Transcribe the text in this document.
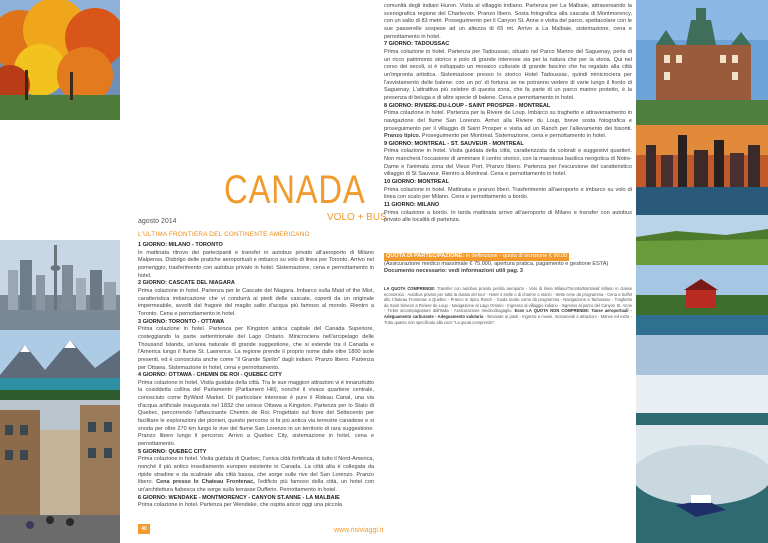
CANADA
agosto 2014	VOLO + BUS
L'ULTIMA FRONTIERA DEL CONTINENTE AMERICANO

1 GIORNO: MILANO - TORONTO

In mattinata ritrovo dei partecipanti e transfer in autobus privato all'aeroporto di Milano Malpensa. Disbrigo delle pratiche aeroportuali e imbarco su volo di linea per Toronto. Arrivo nel pomeriggio, trasferimento con autobus privato in hotel. Sistemazione, cena e pernottamento in hotel.

2 GIORNO: CASCATE DEL NIAGARA

Prima colazione in hotel. Partenza per le Cascate del Niagara. Imbarco sulla Maid of the Mist, caratteristica imbarcazione che vi condurrà ai piedi delle cascate, coperti da un originale impermeabile, avvolti dal fragore del maglio salto d'acqua più famoso al mondo. Rientro a Toronto. Cena e pernottamento in hotel.

3 GIORNO: TORONTO - OTTAWA

Prima colazione in hotel. Partenza per Kingston antica capitale del Canada Superiore, costeggiando la parte settentrionale del Lago Ontario. Minicrociera nell'arcipelago delle Thousand Islands, un'area naturale di grande suggestione, che si estende tra il Canada e l'America lungo il fiume St. Lawrence. La regione prende il proprio nome dalle oltre 1800 isole presenti, ed è conosciuta anche come "il Grande Spirito" dagli indiani. Pranzo libero. Partenza per Ottawa. Sistemazione in hotel, cena e pernottamento.

4 GIORNO: OTTAWA - CHEMIN DE ROI - QUEBEC CITY

Prima colazione in hotel. Visita guidata della città. Tra le sue maggiori attrazioni vi è innanzitutto la cosiddetta collina del Parlamento (Parliament Hill), nonché il vivace quartiere centrale, conosciuto come ByWard Market. Di particolare interesse è pure il Rideau Canal, una via d'acqua artificiale inaugurata nel 1832 che unisce Ottawa a Kingston. Partenza per lo Stato di Quebec, percorrendo l'affascinante Chemin de Roi. Progettato sul finire del Settecento per facilitare le esplorazioni dei pionieri, questo percorso si fa più antica via terrestre canadese e si snoda per oltre 270 km lungo le rive del fiume San Lorenzo in un territorio di rara suggestione. Pranzo libero lungo il percorso. Arrivo a Quebec City, sistemazione in hotel, cena e pernottamento.

5 GIORNO: QUEBEC CITY

Prima colazione in hotel. Visita guidata di Quebec, l'unica città fortificata di tutto il Nord-America, nonché il più antico insediamento europeo esistente in Canada. La città alta è collegata da ripide stradine e da scalinate alla città bassa, che sorge sulle rive del San Lorenzo. Pranzo libero. Cena presso lo Chateau Frontenac, l'edificio più famoso della città, un hotel con un'architettura fiabesca che sorge sulla terrasse Dufferin. Pernottamento in hotel.

6 GIORNO: WENDAKE - MONTMORENCY - CANYON ST.ANNE - LA MALBAIE

Prima colazione in hotel. Partenza per Wendake, che ospita ancor oggi una piccola

comunità degli indiani Huron. Visita al villaggio indiano. Partenza per La Malbaie, attraversando la scenografica regione del Charlevoix. Pranzo libero. Sosta fotografica alla cascata di Montmorency, con un salto di 83 metri. Proseguimento per il Canyon St. Anne e visita del parco, spettacolare con le sue passerelle sospese ad un altezza di 65 mt. Arrivo a La Malbaie, sistemazione, cena e pernottamento in hotel.

7 GIORNO: TADOUSSAC

Prima colazione in hotel. Partenza per Tadoussac, situato nel Parco Marino del Saguenay, perla di un ricco patrimonio storico e polo di grande interesse sia per la natura che per la storia. Qui nel corso dei secoli, si è sviluppato un mosaico culturale di grande fascino che ha regalato alla città un'impronta artistica. Sistemazione presso lo storico Hotel Tadoussac, quindi minicrociera per l'avvistamento delle balene: con un po' di fortuna se ne potranno vedere di varie lungo il fiordo di Saguenay. L'attrattiva più celebre di questa zona, che fa parte di un parco marino protetto, è la presenza di beluga e di altre specie di balene. Cena e pernottamento in hotel.

8 GIORNO: RIVIERE-DU-LOUP - SAINT PROSPER - MONTREAL

Prima colazione in hotel. Partenza per la Rivere de Loup. Imbarco su traghetto e attraversamento in navigazione del fiume San Lorenzo. Arrivo alla Riviere du Loup, breve sosta fotografica e proseguimento per il villaggio di Saint Prosper e visita ad un Ranch per l'allevamento dei bisonti. Pranzo tipico. Proseguimento per Montreal. Sistemazione, cena e pernottamento in hotel.

9 GIORNO: MONTREAL - ST. SAUVEUR - MONTREAL

Prima colazione in hotel. Visita guidata della città, caratterizzata da colorati e suggestivi quartieri. Non mancherà l'occasione di ammirare il centro storico, con la maestosa basilica neogotica di Notre-Dame e l'animata zona del Vieux Port. Pranzo libero. Partenza per l'escursione del caratteristico villaggio di St Sauveur. Rientro a Montreal. Cena e pernottamento in hotel.

10 GIORNO: MONTREAL

Prima colazione in hotel. Mattinata e pranzo liberi. Trasferimento all'aeroporto e imbarco su volo di linea con scalo per Milano. Cena e pernottamento a bordo.

11 GIORNO: MILANO

Prima colazione a bordo. In tarda mattinata arrivo all'aeroporto di Milano e transfer con autobus privato alle località di partenza.

QUOTA DI PARTECIPAZIONE: in definizione - quota di iscrizione € 90.00
(Assicurazione medico massimale € 75.000, apertura pratica, pagamento e gestione ESTA)
Documento necessario: vedi informazioni utili pag. 3
LA QUOTA COMPRENDE: Transfer con autobus privato per/da aeroporto - Volo di linea Milano/Toronto/Montreal/ Milano in classe economica - Autobus privato per tutta la durata del tour - Hotel 4 stelle o di charme o storici - Sette cene da programma - Cena a buffet allo Chateau Frontenac a Quebec - Pranzo in tipico Ranch - Guida locale come da programma - Navigazione a Tadoussac - Traghetto da Saint Simeon a Riviere du Loup - Navigazione al Lago Ontario - Ingresso al villaggio indiano - Ingresso al parco del Canyon St. Anne - Ticket accompagnatore dall'Italia - Assicurazione medico/bagaglio. Esse LA QUOTA NON COMPRENDE: Tasse aeroportuali - Adeguamento carburante - Adeguamento valutario - Bevande ai pasti - Ingressi a musei, monumenti e attrazioni - Mance ed extra - Tutto quanto non specificato alla voce "La quota comprende".
40	www.risiviaggi.it
